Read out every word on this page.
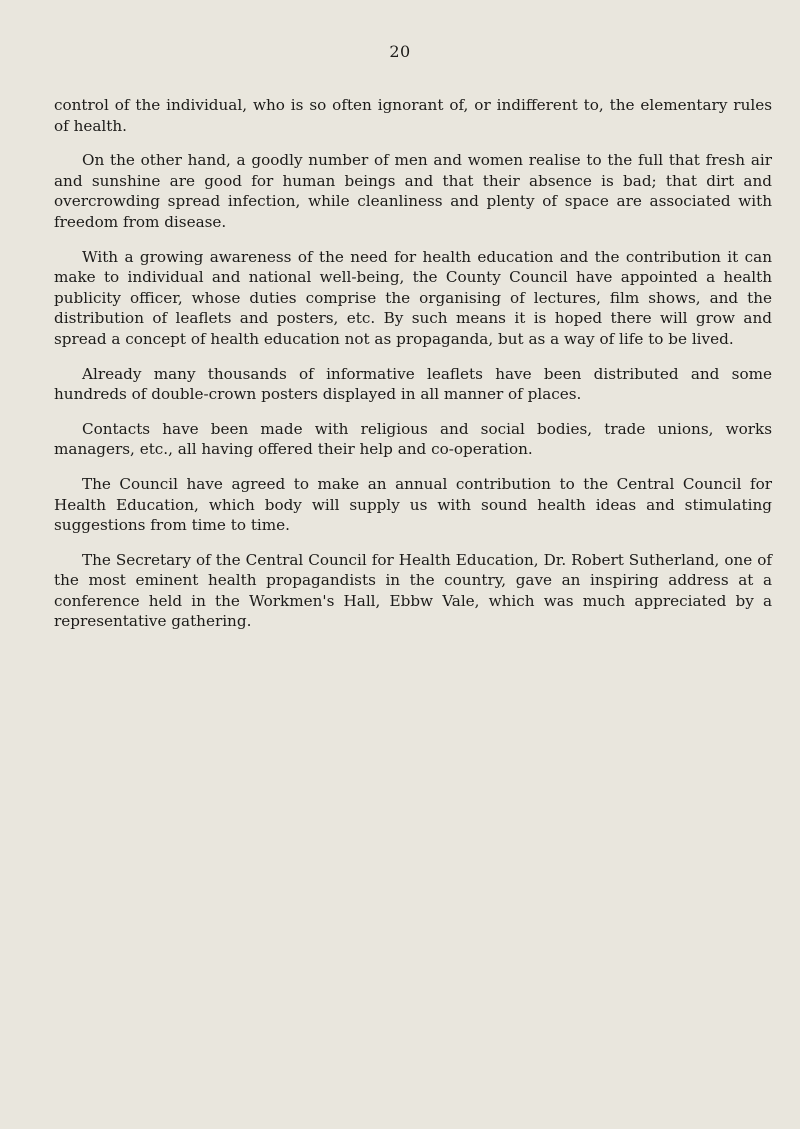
20

control of the individual, who is so often ignorant of, or indifferent to, the elementary rules of health.

On the other hand, a goodly number of men and women realise to the full that fresh air and sunshine are good for human beings and that their absence is bad; that dirt and overcrowding spread infection, while cleanliness and plenty of space are associated with freedom from disease.

With a growing awareness of the need for health education and the contribution it can make to individual and national well-being, the County Council have appointed a health publicity officer, whose duties comprise the organising of lectures, film shows, and the distribution of leaflets and posters, etc. By such means it is hoped there will grow and spread a concept of health education not as propaganda, but as a way of life to be lived.

Already many thousands of informative leaflets have been distributed and some hundreds of double-crown posters displayed in all manner of places.

Contacts have been made with religious and social bodies, trade unions, works managers, etc., all having offered their help and co-operation.

The Council have agreed to make an annual contribution to the Central Council for Health Education, which body will supply us with sound health ideas and stimulating suggestions from time to time.

The Secretary of the Central Council for Health Education, Dr. Robert Sutherland, one of the most eminent health propagandists in the country, gave an inspiring address at a conference held in the Workmen's Hall, Ebbw Vale, which was much appreciated by a representative gathering.
